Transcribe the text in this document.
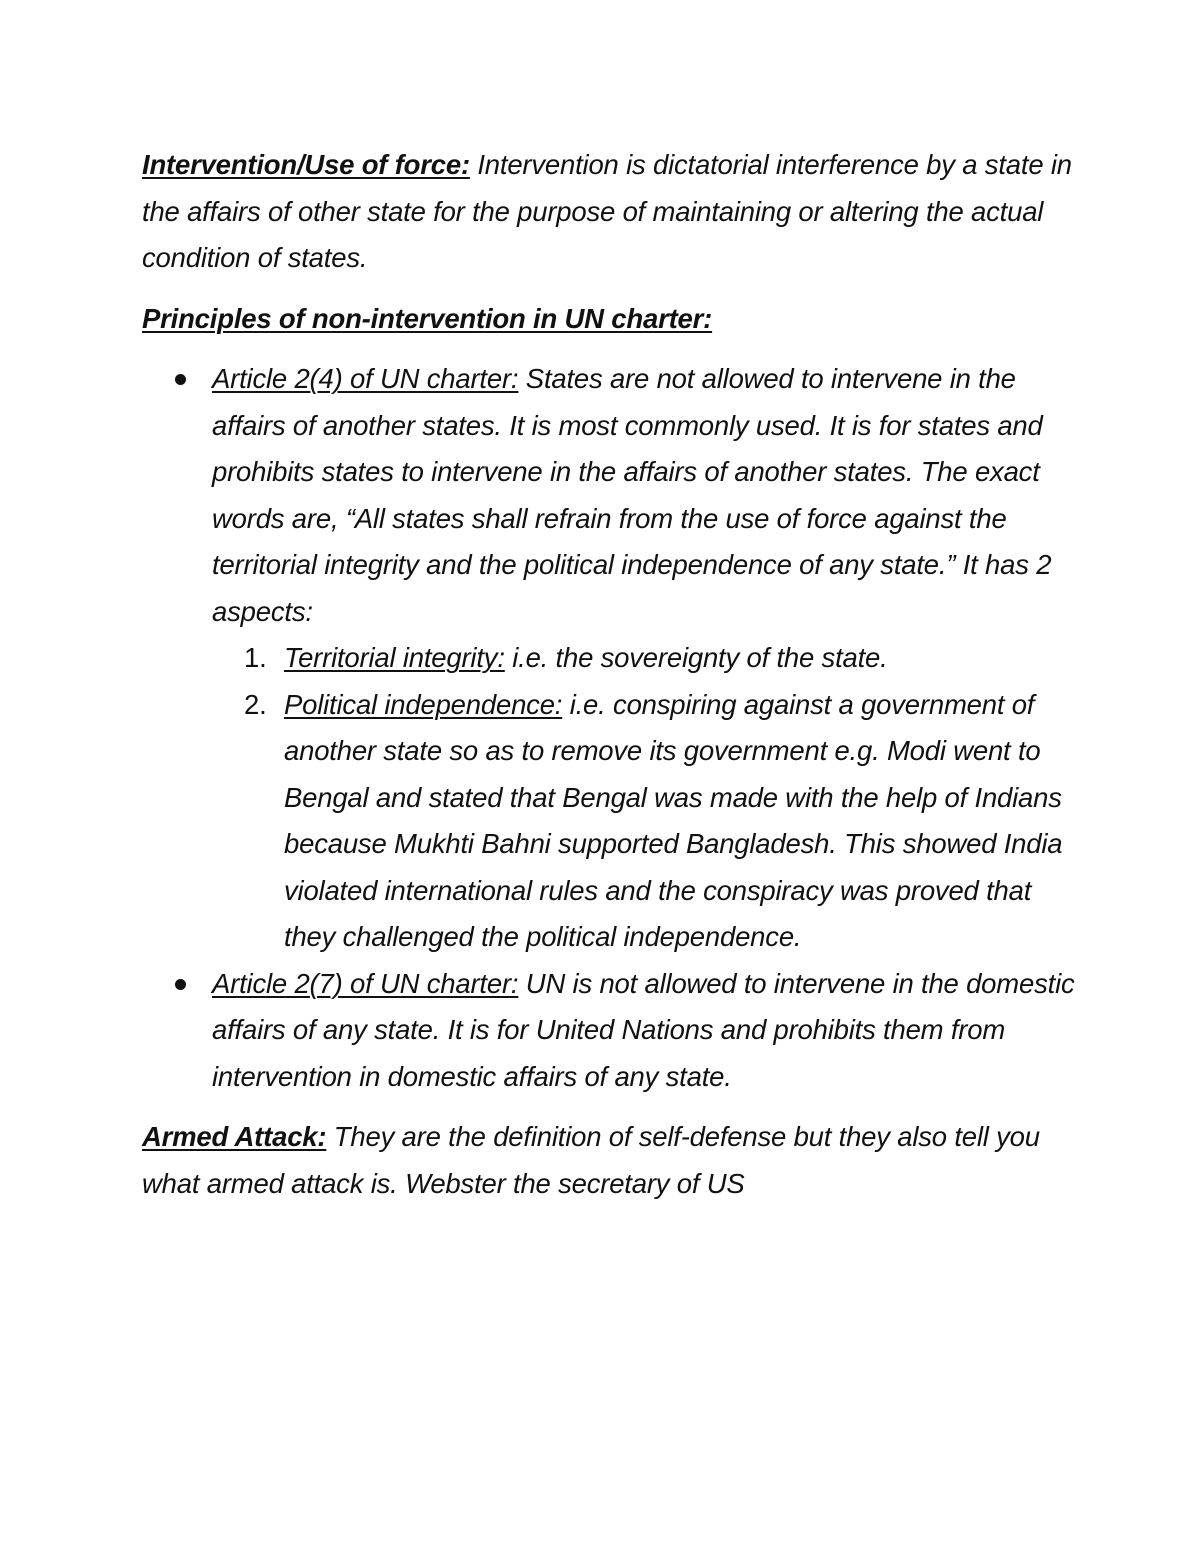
Intervention/Use of force: Intervention is dictatorial interference by a state in the affairs of other state for the purpose of maintaining or altering the actual condition of states.

Principles of non-intervention in UN charter:

Article 2(4) of UN charter: States are not allowed to intervene in the affairs of another states. It is most commonly used. It is for states and prohibits states to intervene in the affairs of another states. The exact words are, “All states shall refrain from the use of force against the territorial integrity and the political independence of any state.” It has 2 aspects:
1. Territorial integrity: i.e. the sovereignty of the state.
2. Political independence: i.e. conspiring against a government of another state so as to remove its government e.g. Modi went to Bengal and stated that Bengal was made with the help of Indians because Mukhti Bahni supported Bangladesh. This showed India violated international rules and the conspiracy was proved that they challenged the political independence.
Article 2(7) of UN charter: UN is not allowed to intervene in the domestic affairs of any state. It is for United Nations and prohibits them from intervention in domestic affairs of any state.

Armed Attack: They are the definition of self-defense but they also tell you what armed attack is. Webster the secretary of US
